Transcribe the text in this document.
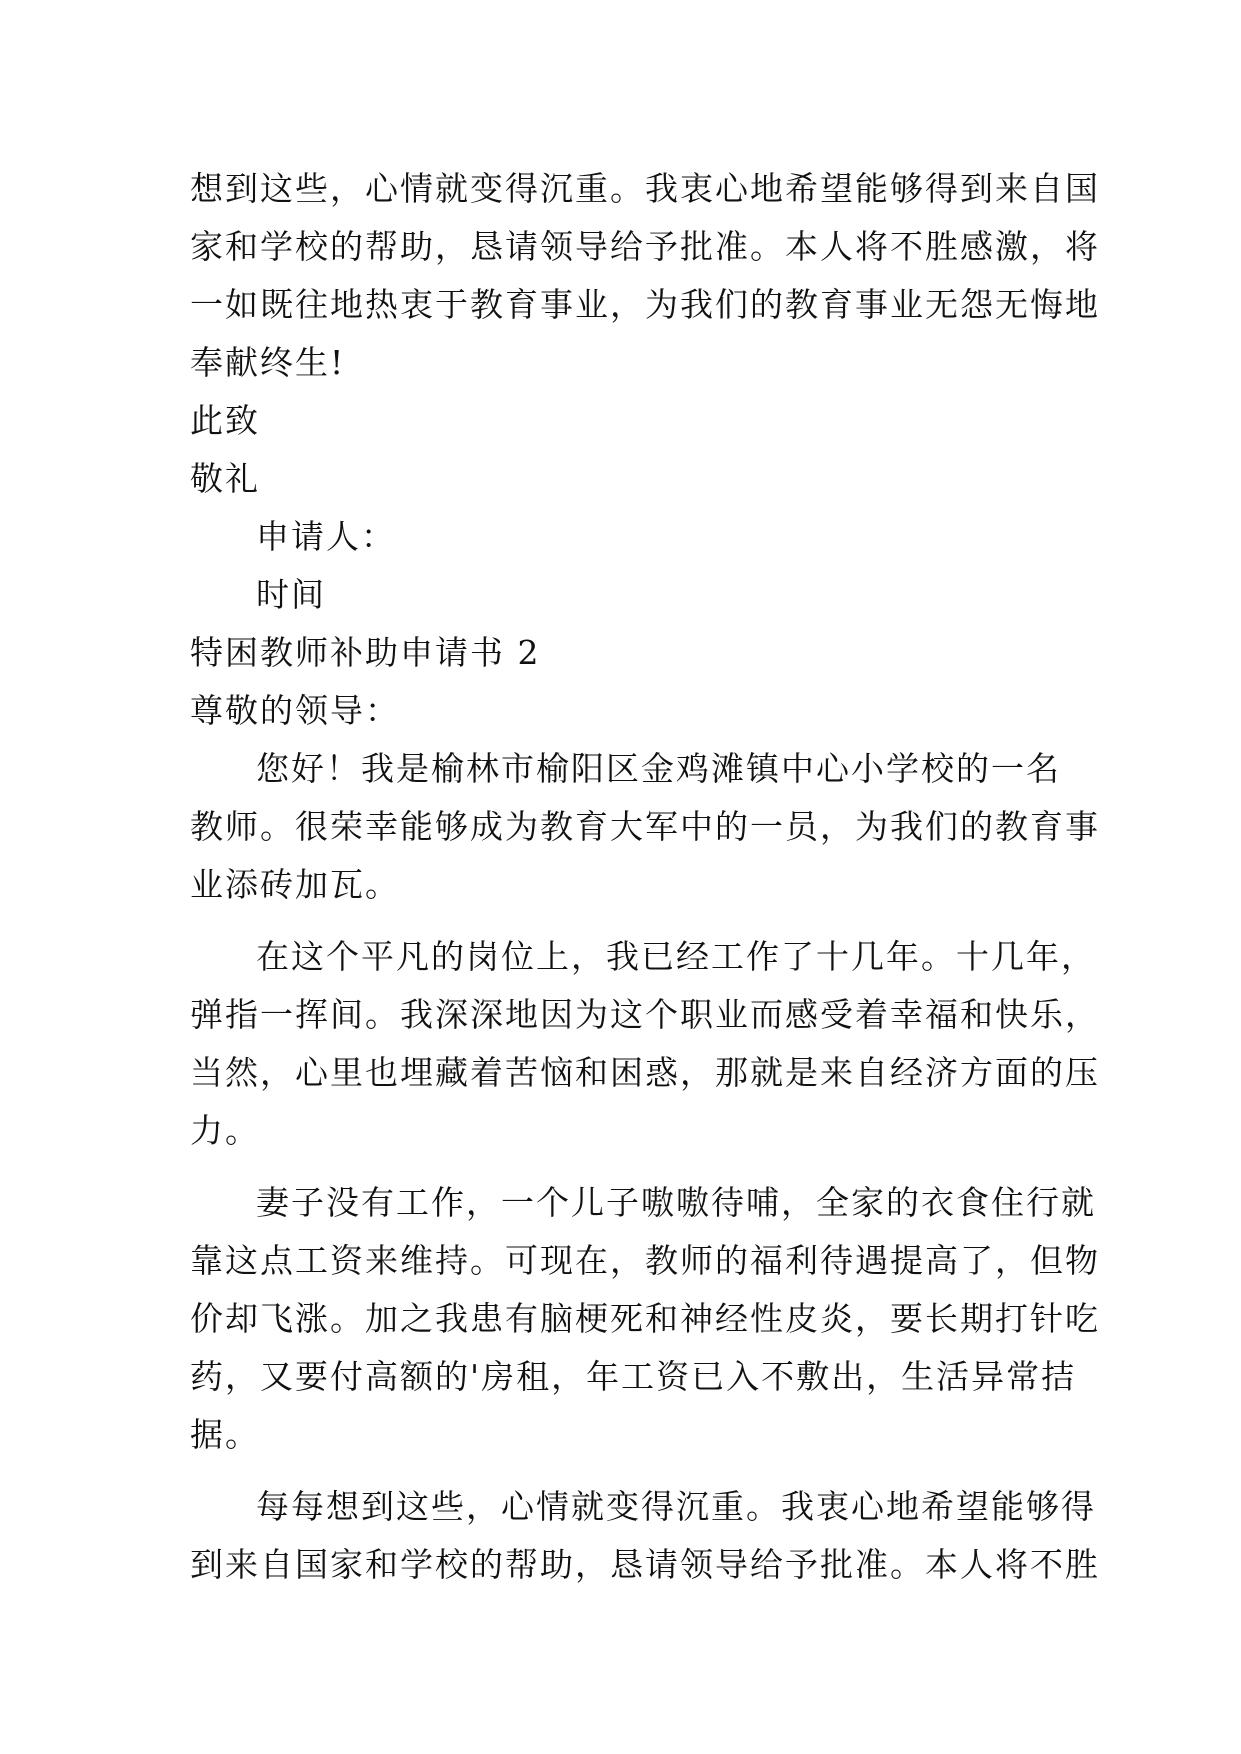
想到这些，心情就变得沉重。我衷心地希望能够得到来自国
家和学校的帮助，恳请领导给予批准。本人将不胜感激，将
一如既往地热衷于教育事业，为我们的教育事业无怨无悔地
奉献终生!
此致
敬礼
申请人：
时间
特困教师补助申请书 2
尊敬的领导：
您好！我是榆林市榆阳区金鸡滩镇中心小学校的一名
教师。很荣幸能够成为教育大军中的一员，为我们的教育事
业添砖加瓦。
在这个平凡的岗位上，我已经工作了十几年。十几年，
弹指一挥间。我深深地因为这个职业而感受着幸福和快乐，
当然，心里也埋藏着苦恼和困惑，那就是来自经济方面的压
力。
妻子没有工作，一个儿子嗷嗷待哺，全家的衣食住行就
靠这点工资来维持。可现在，教师的福利待遇提高了，但物
价却飞涨。加之我患有脑梗死和神经性皮炎，要长期打针吃
药，又要付高额的'房租，年工资已入不敷出，生活异常拮
据。
每每想到这些，心情就变得沉重。我衷心地希望能够得
到来自国家和学校的帮助，恳请领导给予批准。本人将不胜
